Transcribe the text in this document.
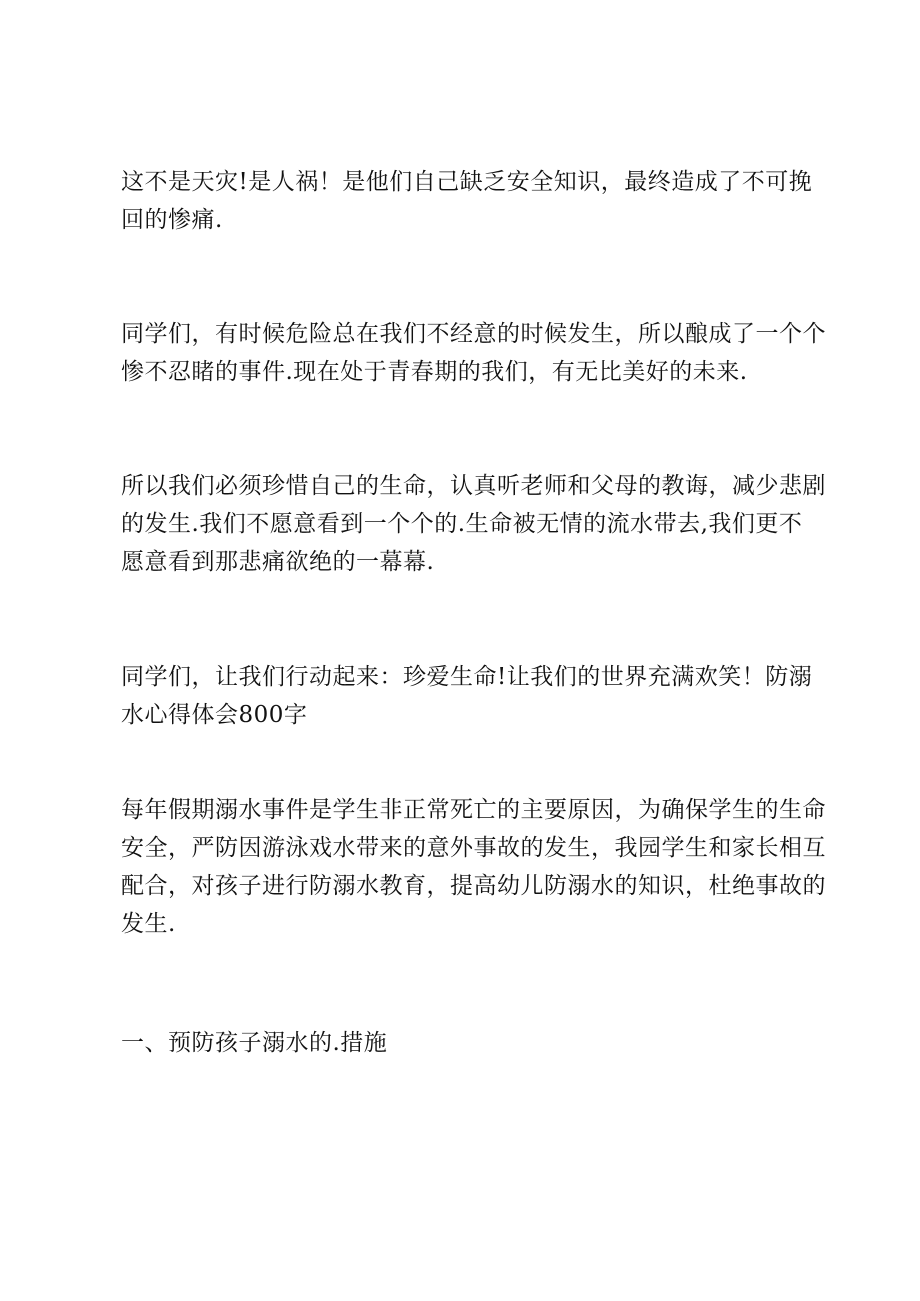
这不是天灾!是人祸！是他们自己缺乏安全知识，最终造成了不可挽
回的惨痛.

同学们，有时候危险总在我们不经意的时候发生，所以酿成了一个个
惨不忍睹的事件.现在处于青春期的我们，有无比美好的未来.

所以我们必须珍惜自己的生命，认真听老师和父母的教诲，减少悲剧
的发生.我们不愿意看到一个个的.生命被无情的流水带去,我们更不
愿意看到那悲痛欲绝的一幕幕.

同学们，让我们行动起来：珍爱生命!让我们的世界充满欢笑！防溺
水心得体会800字

每年假期溺水事件是学生非正常死亡的主要原因，为确保学生的生命
安全，严防因游泳戏水带来的意外事故的发生，我园学生和家长相互
配合，对孩子进行防溺水教育，提高幼儿防溺水的知识，杜绝事故的
发生.

一、预防孩子溺水的.措施
